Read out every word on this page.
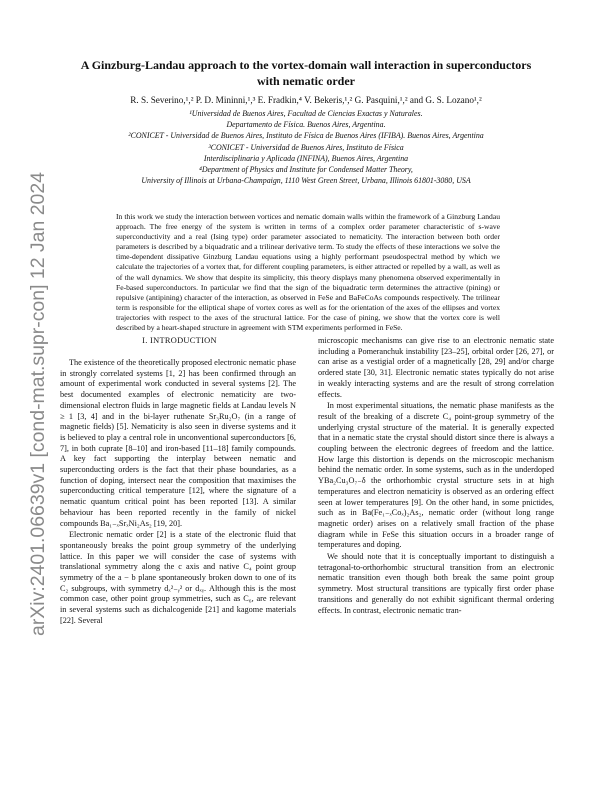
arXiv:2401.06639v1 [cond-mat.supr-con] 12 Jan 2024
A Ginzburg-Landau approach to the vortex-domain wall interaction in superconductors with nematic order
R. S. Severino,¹,² P. D. Mininni,¹,³ E. Fradkin,⁴ V. Bekeris,¹,² G. Pasquini,¹,² and G. S. Lozano¹,²
¹Universidad de Buenos Aires, Facultad de Ciencias Exactas y Naturales.
Departamento de Física. Buenos Aires, Argentina.
²CONICET - Universidad de Buenos Aires, Instituto de Física de Buenos Aires (IFIBA). Buenos Aires, Argentina
³CONICET - Universidad de Buenos Aires, Instituto de Física
Interdisciplinaria y Aplicada (INFINA), Buenos Aires, Argentina
⁴Department of Physics and Institute for Condensed Matter Theory,
University of Illinois at Urbana-Champaign, 1110 West Green Street, Urbana, Illinois 61801-3080, USA
In this work we study the interaction between vortices and nematic domain walls within the framework of a Ginzburg Landau approach. The free energy of the system is written in terms of a complex order parameter characteristic of s-wave superconductivity and a real (Ising type) order parameter associated to nematicity. The interaction between both order parameters is described by a biquadratic and a trilinear derivative term. To study the effects of these interactions we solve the time-dependent dissipative Ginzburg Landau equations using a highly performant pseudospectral method by which we calculate the trajectories of a vortex that, for different coupling parameters, is either attracted or repelled by a wall, as well as of the wall dynamics. We show that despite its simplicity, this theory displays many phenomena observed experimentally in Fe-based superconductors. In particular we find that the sign of the biquadratic term determines the attractive (pining) or repulsive (antipining) character of the interaction, as observed in FeSe and BaFeCoAs compounds respectively. The trilinear term is responsible for the elliptical shape of vortex cores as well as for the orientation of the axes of the ellipses and vortex trajectories with respect to the axes of the structural lattice. For the case of pining, we show that the vortex core is well described by a heart-shaped structure in agreement with STM experiments performed in FeSe.
I. INTRODUCTION

The existence of the theoretically proposed electronic nematic phase in strongly correlated systems [1, 2] has been confirmed through an amount of experimental work conducted in several systems [2]. The best documented examples of electronic nematicity are two-dimensional electron fluids in large magnetic fields at Landau levels N ≥ 1 [3, 4] and in the bi-layer ruthenate Sr₃Ru₂O₇ (in a range of magnetic fields) [5]. Nematicity is also seen in diverse systems and it is believed to play a central role in unconventional superconductors [6, 7], in both cuprate [8–10] and iron-based [11–18] family compounds. A key fact supporting the interplay between nematic and superconducting orders is the fact that their phase boundaries, as a function of doping, intersect near the composition that maximises the superconducting critical temperature [12], where the signature of a nematic quantum critical point has been reported [13]. A similar behaviour has been reported recently in the family of nickel compounds Ba₁₋ₓSrₓNi₂As₂ [19, 20].

Electronic nematic order [2] is a state of the electronic fluid that spontaneously breaks the point group symmetry of the underlying lattice. In this paper we will consider the case of systems with translational symmetry along the c axis and native C₄ point group symmetry of the a − b plane spontaneously broken down to one of its C₂ subgroups, with symmetry dₓ²₋ᵧ² or dₓᵧ. Although this is the most common case, other point group symmetries, such as C₆, are relevant in several systems such as dichalcogenide [21] and kagome materials [22]. Several

microscopic mechanisms can give rise to an electronic nematic state including a Pomeranchuk instability [23–25], orbital order [26, 27], or can arise as a vestigial order of a magnetically [28, 29] and/or charge ordered state [30, 31]. Electronic nematic states typically do not arise in weakly interacting systems and are the result of strong correlation effects.

In most experimental situations, the nematic phase manifests as the result of the breaking of a discrete C₄ point-group symmetry of the underlying crystal structure of the material. It is generally expected that in a nematic state the crystal should distort since there is always a coupling between the electronic degrees of freedom and the lattice. How large this distortion is depends on the microscopic mechanism behind the nematic order. In some systems, such as in the underdoped YBa₂Cu₃O₇₋δ the orthorhombic crystal structure sets in at high temperatures and electron nematicity is observed as an ordering effect seen at lower temperatures [9]. On the other hand, in some pnictides, such as in Ba(Fe₁₋ₓCoₓ)₂As₂, nematic order (without long range magnetic order) arises on a relatively small fraction of the phase diagram while in FeSe this situation occurs in a broader range of temperatures and doping.

We should note that it is conceptually important to distinguish a tetragonal-to-orthorhombic structural transition from an electronic nematic transition even though both break the same point group symmetry. Most structural transitions are typically first order phase transitions and generally do not exhibit significant thermal ordering effects. In contrast, electronic nematic tran-
